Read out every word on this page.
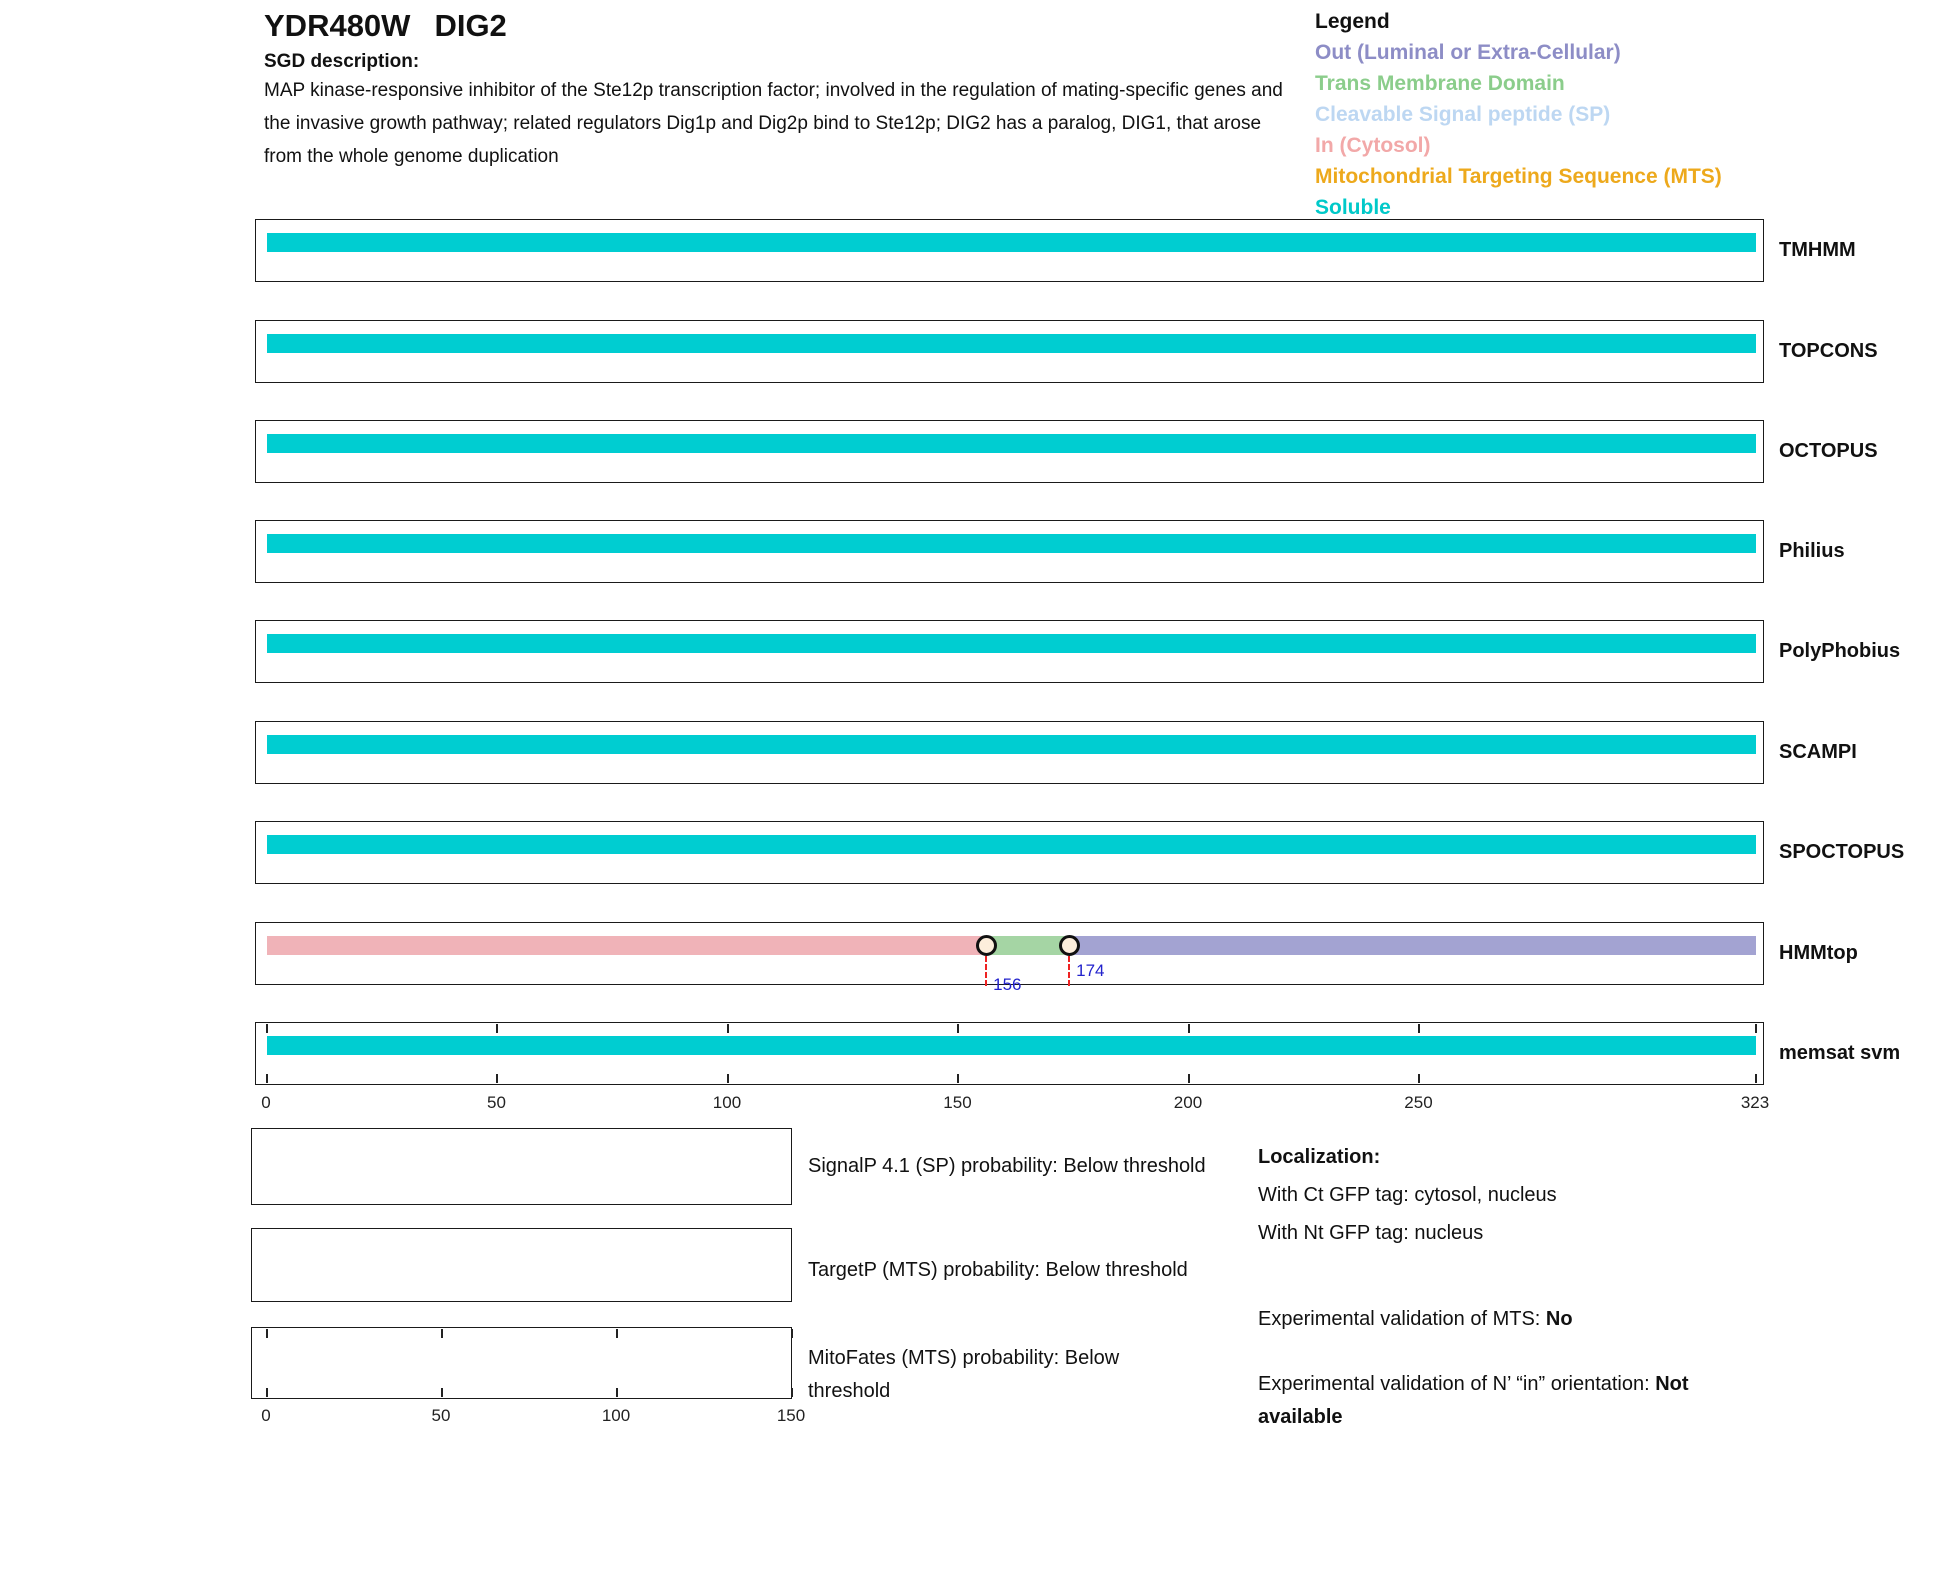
YDR480W DIG2
SGD description:
MAP kinase-responsive inhibitor of the Ste12p transcription factor; involved in the regulation of mating-specific genes and the invasive growth pathway; related regulators Dig1p and Dig2p bind to Ste12p; DIG2 has a paralog, DIG1, that arose from the whole genome duplication
Legend
Out (Luminal or Extra-Cellular)
Trans Membrane Domain
Cleavable Signal peptide (SP)
In (Cytosol)
Mitochondrial Targeting Sequence (MTS)
Soluble
TMHMM
TOPCONS
OCTOPUS
Philius
PolyPhobius
SCAMPI
SPOCTOPUS
156
174
HMMtop
memsat svm
0	50	100	150	200	250	323
SignalP 4.1 (SP) probability: Below threshold
TargetP (MTS) probability: Below threshold
MitoFates (MTS) probability: Below threshold
0	50	100	150
Localization:
With Ct GFP tag: cytosol, nucleus
With Nt GFP tag: nucleus
Experimental validation of MTS: No
Experimental validation of N’ “in” orientation: Not available
